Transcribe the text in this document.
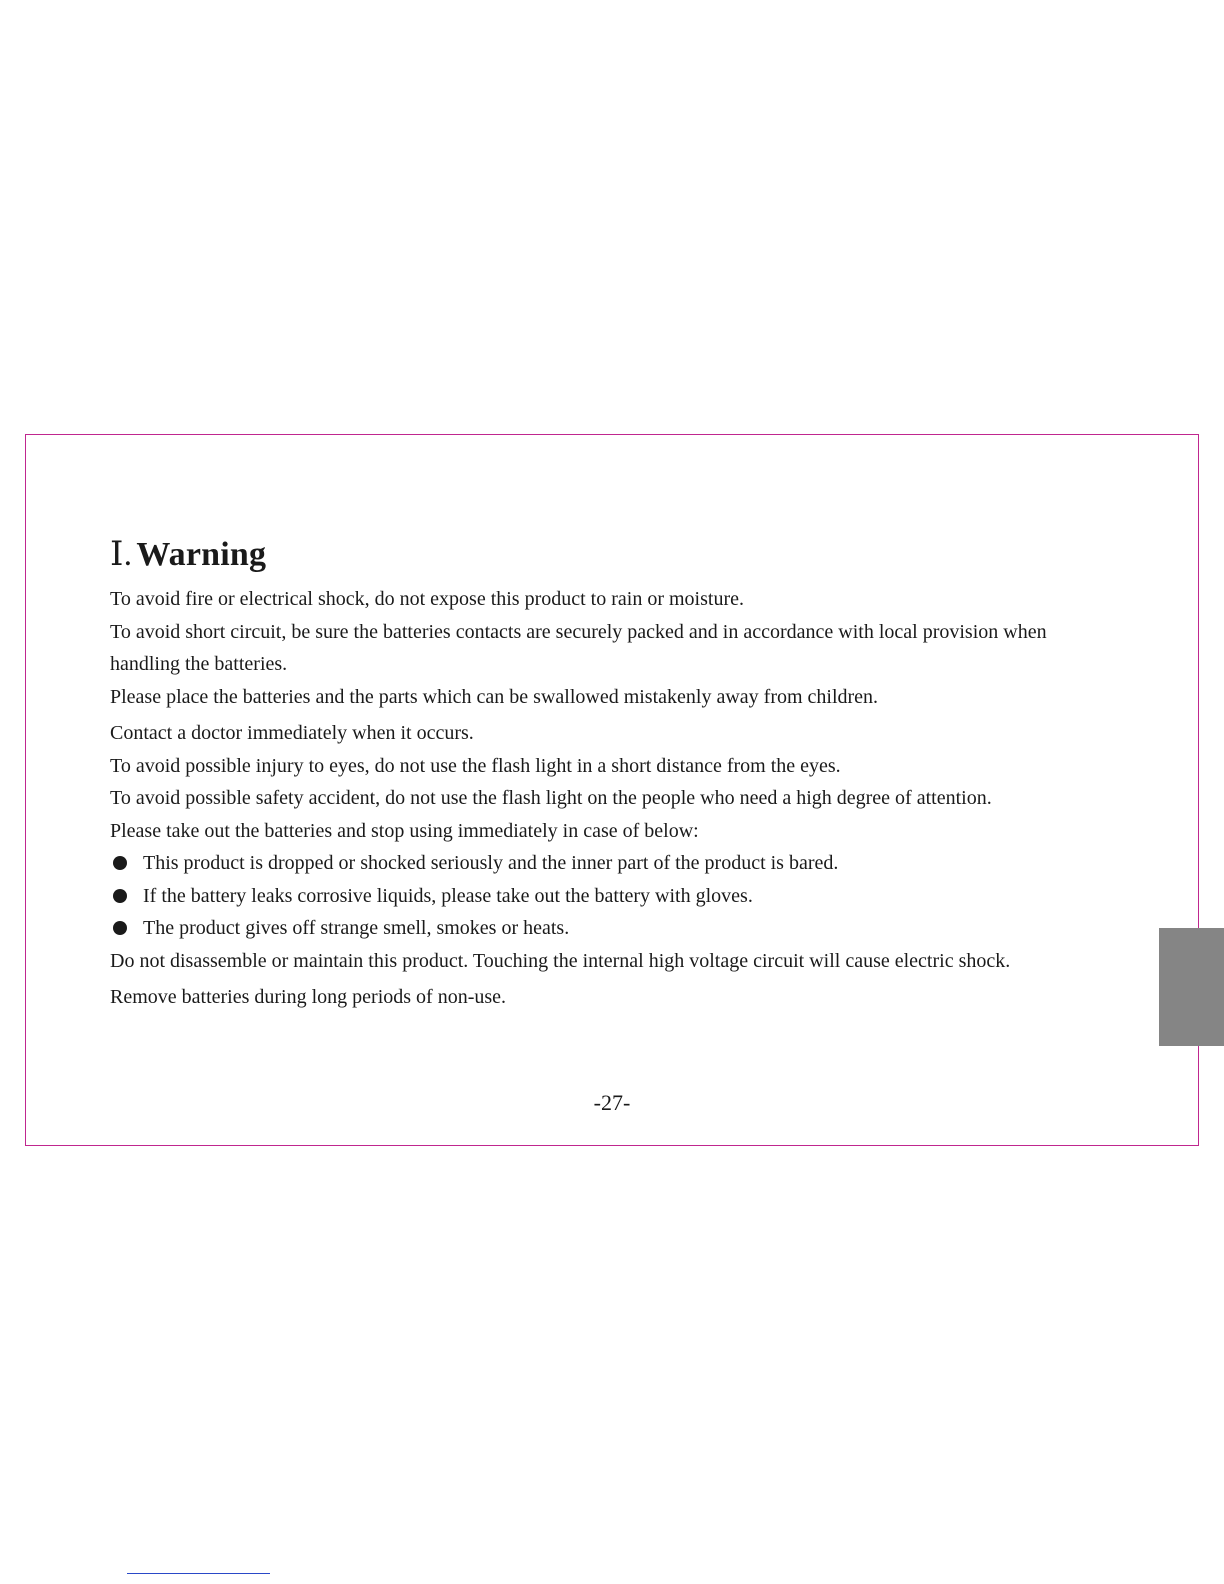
Ⅰ. Warning

To avoid fire or electrical shock, do not expose this product to rain or moisture.

To avoid short circuit, be sure the batteries contacts are securely packed and in accordance with local provision when handling the batteries.

Please place the batteries and the parts which can be swallowed mistakenly away from children.

Contact a doctor immediately when it occurs.

To avoid possible injury to eyes, do not use the flash light in a short distance from the eyes.

To avoid possible safety accident, do not use the flash light on the people who need a high degree of attention.

Please take out the batteries and stop using immediately in case of below:

This product is dropped or shocked seriously and the inner part of the product is bared.
If the battery leaks corrosive liquids, please take out the battery with gloves.
The product gives off strange smell, smokes or heats.

Do not disassemble or maintain this product. Touching the internal high voltage circuit will cause electric shock.

Remove batteries during long periods of non-use.

-27-
